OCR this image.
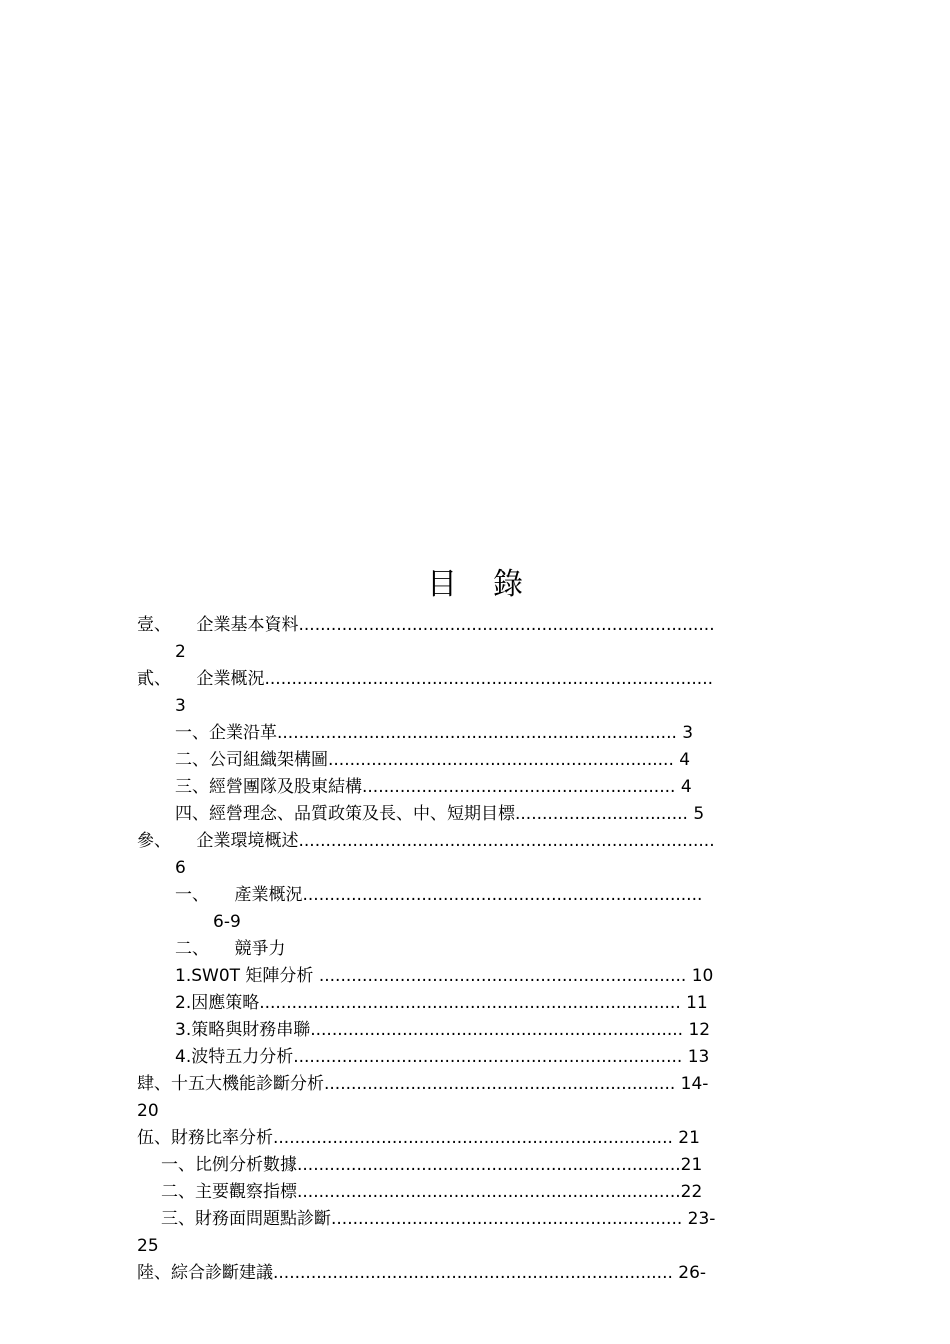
目 錄
壹、　　企業基本資料.............................................................................
2
貳、　　企業概況...................................................................................
3
一、企業沿革.......................................................................... 3
二、公司組織架構圖................................................................ 4
三、經營團隊及股東結構.......................................................... 4
四、經營理念、品質政策及長、中、短期目標................................ 5
參、　　企業環境概述.............................................................................
6
一、　　產業概況..........................................................................
6-9
二、　　競爭力
1.SW0T 矩陣分析 .................................................................... 10
2.因應策略.............................................................................. 11
3.策略與財務串聯..................................................................... 12
4.波特五力分析........................................................................ 13
肆、十五大機能診斷分析................................................................. 14-
20
伍、財務比率分析.......................................................................... 21
一、比例分析數據.......................................................................21
二、主要觀察指標.......................................................................22
三、財務面問題點診斷................................................................. 23-
25
陸、綜合診斷建議.......................................................................... 26-
